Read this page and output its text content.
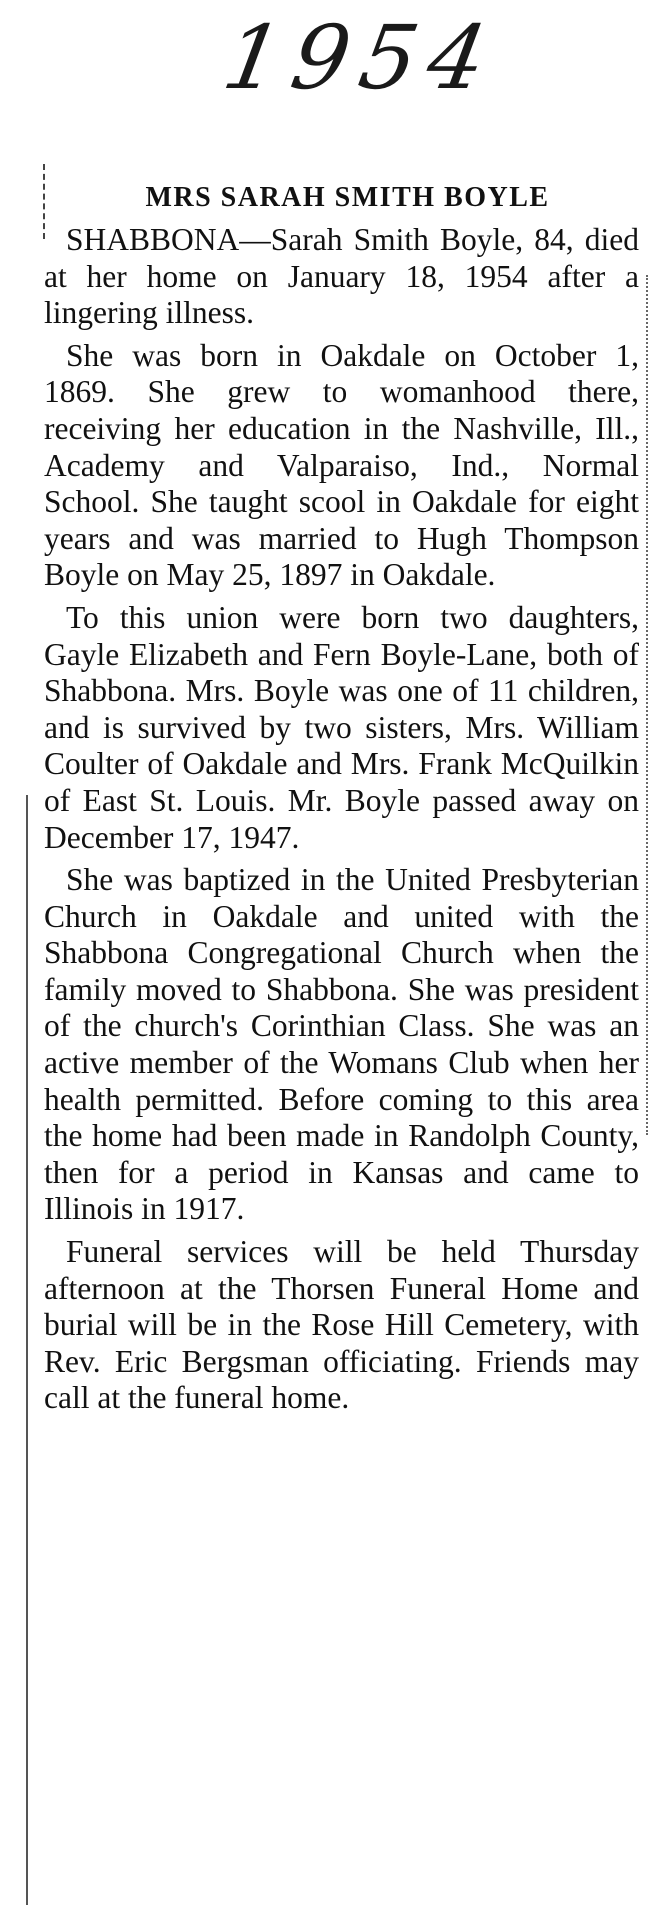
1954
MRS SARAH SMITH BOYLE

SHABBONA—Sarah Smith Boyle, 84, died at her home on January 18, 1954 after a lingering illness.

She was born in Oakdale on October 1, 1869. She grew to womanhood there, receiving her education in the Nashville, Ill., Academy and Valparaiso, Ind., Normal School. She taught scool in Oakdale for eight years and was married to Hugh Thompson Boyle on May 25, 1897 in Oakdale.

To this union were born two daughters, Gayle Elizabeth and Fern Boyle-Lane, both of Shabbona. Mrs. Boyle was one of 11 children, and is survived by two sisters, Mrs. William Coulter of Oakdale and Mrs. Frank McQuilkin of East St. Louis. Mr. Boyle passed away on December 17, 1947.

She was baptized in the United Presbyterian Church in Oakdale and united with the Shabbona Congregational Church when the family moved to Shabbona. She was president of the church's Corinthian Class. She was an active member of the Womans Club when her health permitted. Before coming to this area the home had been made in Randolph County, then for a period in Kansas and came to Illinois in 1917.

Funeral services will be held Thursday afternoon at the Thorsen Funeral Home and burial will be in the Rose Hill Cemetery, with Rev. Eric Bergsman officiating. Friends may call at the funeral home.
